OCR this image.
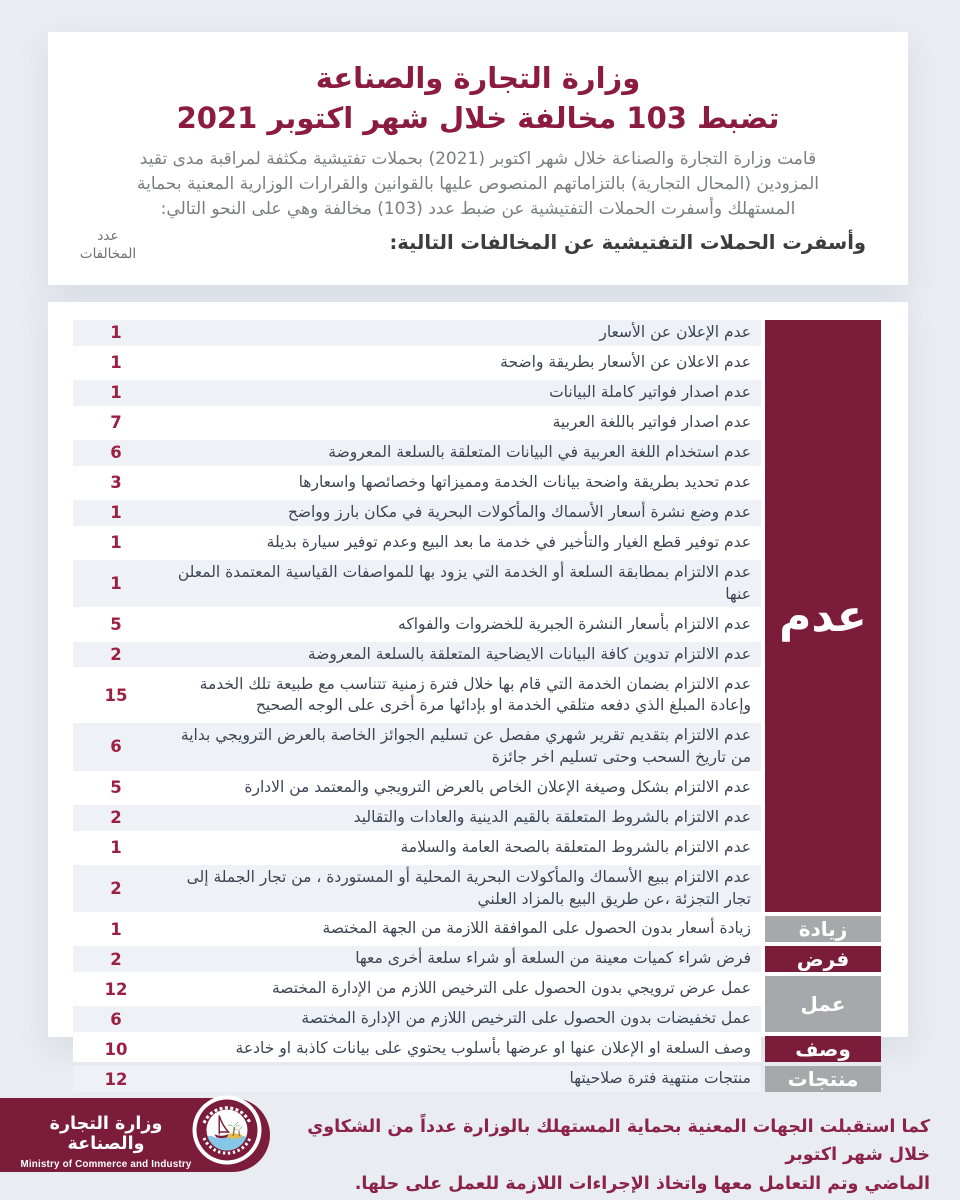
وزارة التجارة والصناعة
تضبط 103 مخالفة خلال شهر اكتوبر 2021

قامت وزارة التجارة والصناعة خلال شهر اكتوبر (2021) بحملات تفتيشية مكثفة لمراقبة مدى تقيد المزودين (المحال التجارية) بالتزاماتهم المنصوص عليها بالقوانين والقرارات الوزارية المعنية بحماية المستهلك وأسفرت الحملات التفتيشية عن ضبط عدد (103) مخالفة وهي على النحو التالي:

وأسفرت الحملات التفتيشية عن المخالفات التالية:
عدد
المخالفات
عدم
عدم الإعلان عن الأسعار
1
عدم الاعلان عن الأسعار بطريقة واضحة
1
عدم اصدار فواتير كاملة البيانات
1
عدم اصدار فواتير باللغة العربية
7
عدم استخدام اللغة العربية في البيانات المتعلقة بالسلعة المعروضة
6
عدم تحديد بطريقة واضحة بيانات الخدمة ومميزاتها وخصائصها واسعارها
3
عدم وضع نشرة أسعار الأسماك والمأكولات البحرية في مكان بارز وواضح
1
عدم توفير قطع الغيار والتأخير في خدمة ما بعد البيع وعدم توفير سيارة بديلة
1
عدم الالتزام بمطابقة السلعة أو الخدمة التي يزود بها للمواصفات القياسية المعتمدة المعلن عنها
1
عدم الالتزام بأسعار النشرة الجبرية للخضروات والفواكه
5
عدم الالتزام تدوين كافة البيانات الايضاحية المتعلقة بالسلعة المعروضة
2
عدم الالتزام بضمان الخدمة التي قام بها خلال فترة زمنية تتناسب مع طبيعة تلك الخدمة وإعادة المبلغ الذي دفعه متلقي الخدمة او بإدائها مرة أخرى على الوجه الصحيح
15
عدم الالتزام بتقديم تقرير شهري مفصل عن تسليم الجوائز الخاصة بالعرض الترويجي بداية من تاريخ السحب وحتى تسليم اخر جائزة
6
عدم الالتزام بشكل وصيغة الإعلان الخاص بالعرض الترويجي والمعتمد من الادارة
5
عدم الالتزام بالشروط المتعلقة بالقيم الدينية والعادات والتقاليد
2
عدم الالتزام بالشروط المتعلقة بالصحة العامة والسلامة
1
عدم الالتزام ببيع الأسماك والمأكولات البحرية المحلية أو المستوردة ، من تجار الجملة إلى تجار التجزئة ،عن طريق البيع بالمزاد العلني
2
زيادة
زيادة أسعار بدون الحصول على الموافقة اللازمة من الجهة المختصة
1
فرض
فرض شراء كميات معينة من السلعة أو شراء سلعة أخرى معها
2
عمل
عمل عرض ترويجي بدون الحصول على الترخيص اللازم من الإدارة المختصة
12
عمل تخفيضات بدون الحصول على الترخيص اللازم من الإدارة المختصة
6
وصف
وصف السلعة او الإعلان عنها او عرضها بأسلوب يحتوي على بيانات كاذبة او خادعة
10
منتجات
منتجات منتهية فترة صلاحيتها
12
وزارة التجارة والصناعة
Ministry of Commerce and Industry

كما استقبلت الجهات المعنية بحماية المستهلك بالوزارة عدداً من الشكاوي خلال شهر اكتوبر
الماضي وتم التعامل معها واتخاذ الإجراءات اللازمة للعمل على حلها.
